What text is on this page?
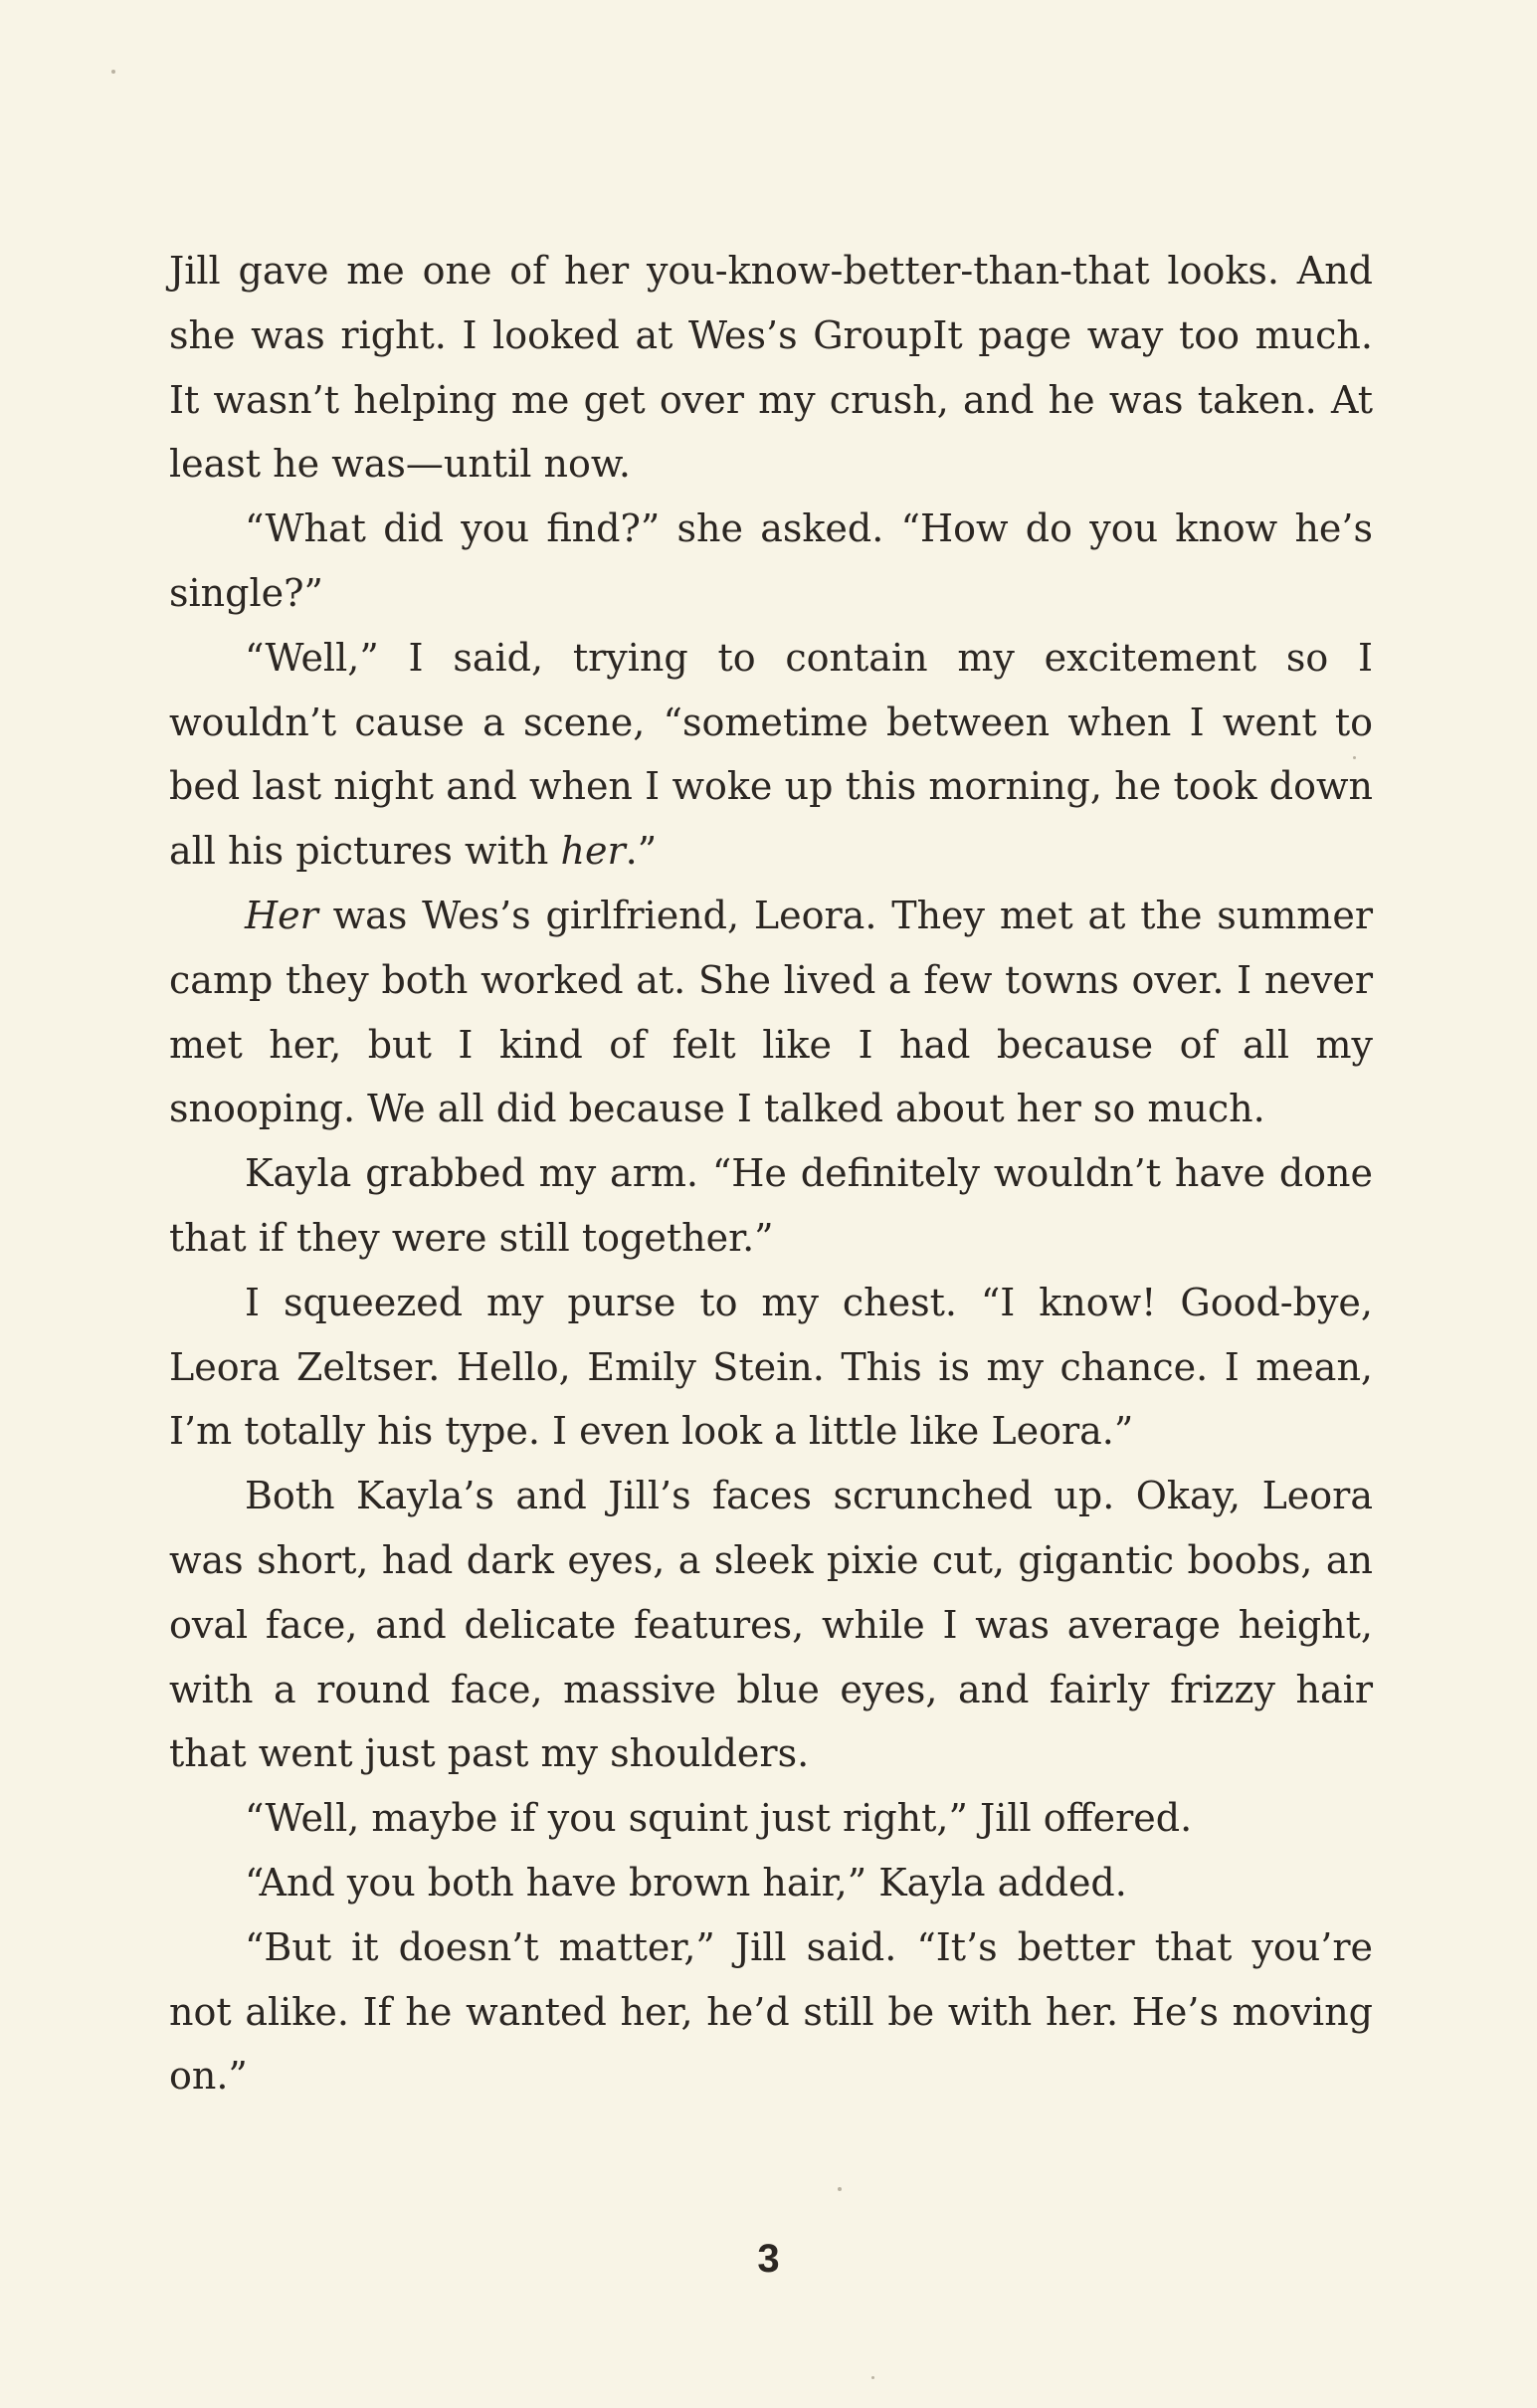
Jill gave me one of her you-know-better-than-that looks. And she was right. I looked at Wes’s GroupIt page way too much. It wasn’t helping me get over my crush, and he was taken. At least he was—until now.

“What did you find?” she asked. “How do you know he’s single?”

“Well,” I said, trying to contain my excitement so I wouldn’t cause a scene, “sometime between when I went to bed last night and when I woke up this morning, he took down all his pictures with her.”

Her was Wes’s girlfriend, Leora. They met at the summer camp they both worked at. She lived a few towns over. I never met her, but I kind of felt like I had because of all my snooping. We all did because I talked about her so much.

Kayla grabbed my arm. “He definitely wouldn’t have done that if they were still together.”

I squeezed my purse to my chest. “I know! Good-bye, Leora Zeltser. Hello, Emily Stein. This is my chance. I mean, I’m totally his type. I even look a little like Leora.”

Both Kayla’s and Jill’s faces scrunched up. Okay, Leora was short, had dark eyes, a sleek pixie cut, gigantic boobs, an oval face, and delicate features, while I was average height, with a round face, massive blue eyes, and fairly frizzy hair that went just past my shoulders.

“Well, maybe if you squint just right,” Jill offered.

“And you both have brown hair,” Kayla added.

“But it doesn’t matter,” Jill said. “It’s better that you’re not alike. If he wanted her, he’d still be with her. He’s moving on.”

3
